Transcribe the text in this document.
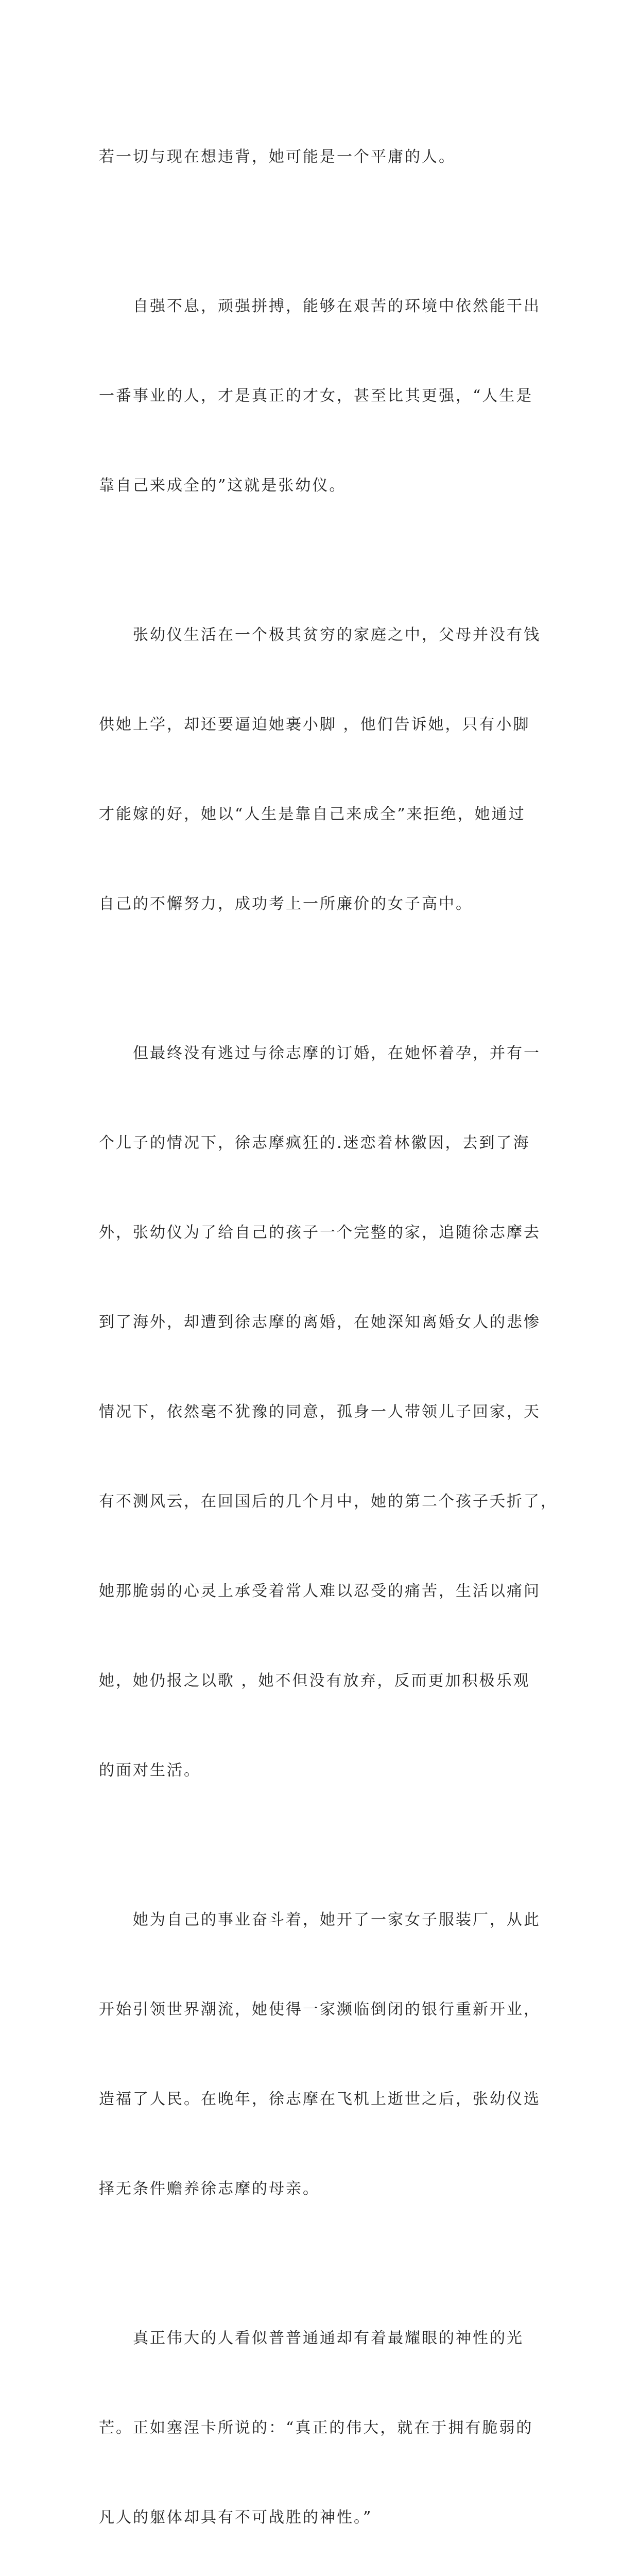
若一切与现在想违背，她可能是一个平庸的人。

　　自强不息，顽强拼搏，能够在艰苦的环境中依然能干出

一番事业的人，才是真正的才女，甚至比其更强，“人生是

靠自己来成全的”这就是张幼仪。

　　张幼仪生活在一个极其贫穷的家庭之中，父母并没有钱

供她上学，却还要逼迫她裹小脚 ，他们告诉她，只有小脚

才能嫁的好，她以“人生是靠自己来成全”来拒绝，她通过

自己的不懈努力，成功考上一所廉价的女子高中。

　　但最终没有逃过与徐志摩的订婚，在她怀着孕，并有一

个儿子的情况下，徐志摩疯狂的.迷恋着林徽因，去到了海

外，张幼仪为了给自己的孩子一个完整的家，追随徐志摩去

到了海外，却遭到徐志摩的离婚，在她深知离婚女人的悲惨

情况下，依然毫不犹豫的同意，孤身一人带领儿子回家，天

有不测风云，在回国后的几个月中，她的第二个孩子夭折了，

她那脆弱的心灵上承受着常人难以忍受的痛苦，生活以痛问

她，她仍报之以歌 ，她不但没有放弃，反而更加积极乐观

的面对生活。

　　她为自己的事业奋斗着，她开了一家女子服装厂，从此

开始引领世界潮流，她使得一家濒临倒闭的银行重新开业，

造福了人民。在晚年，徐志摩在飞机上逝世之后，张幼仪选

择无条件赡养徐志摩的母亲。

　　真正伟大的人看似普普通通却有着最耀眼的神性的光

芒。正如塞涅卡所说的：“真正的伟大，就在于拥有脆弱的

凡人的躯体却具有不可战胜的神性。”
